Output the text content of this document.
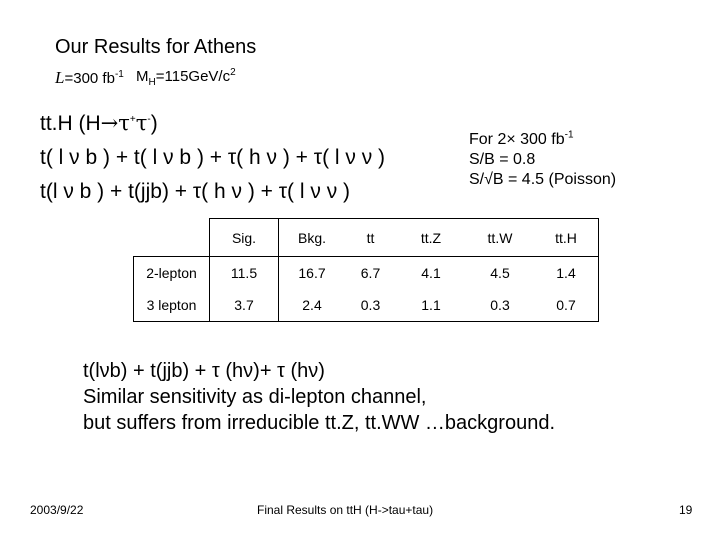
Our Results for Athens
L=300 $fb^{-1}$ $M_H=115GeV/c^2$
tt.H (H→τ+τ-)
t( l ν b ) + t( l ν b ) + τ( h ν ) + τ( l ν ν )
t(l ν b ) + t(jjb) + τ( h ν ) + τ( l ν ν )
For 2× 300 $fb^{-1}$
S/B = 0.8
S/√B = 4.5 (Poisson)
	Sig.	Bkg.	tt	tt.Z	tt.W	tt.H
2-lepton	11.5	16.7	6.7	4.1	4.5	1.4
3 lepton	3.7	2.4	0.3	1.1	0.3	0.7
t(lνb) + t(jjb) + τ (hν)+ τ (hν)
Similar sensitivity as di-lepton channel,
but suffers from irreducible tt.Z, tt.WW …background.
2003/9/22	Final Results on ttH (H->tau+tau)	19
